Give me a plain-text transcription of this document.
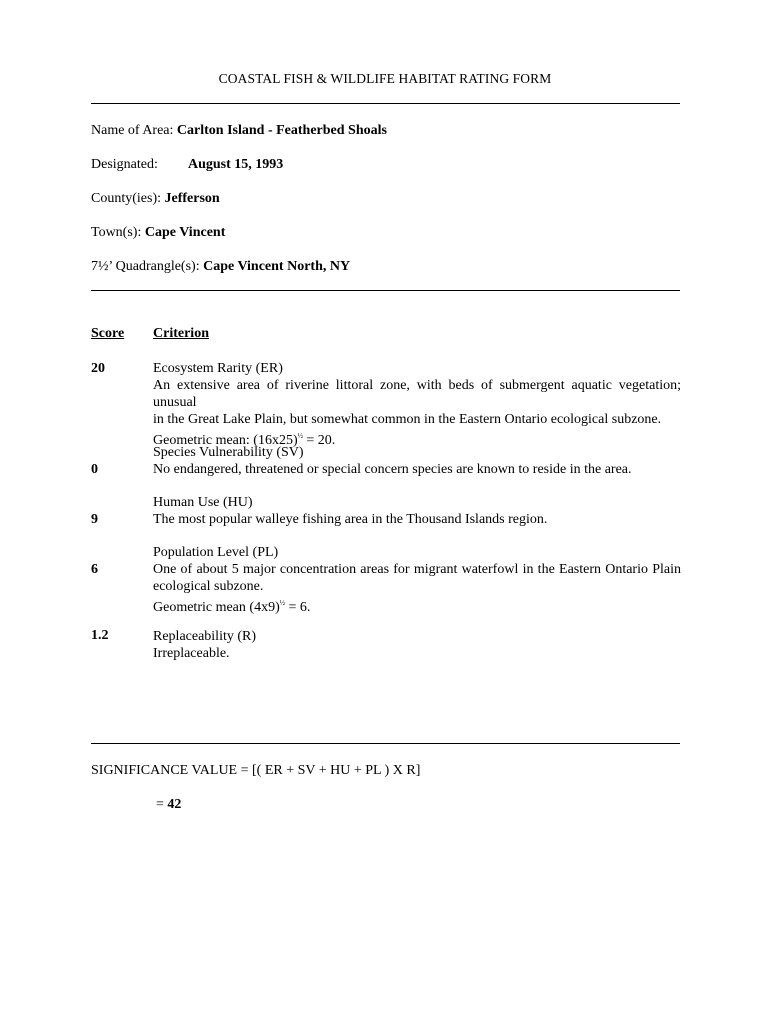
COASTAL FISH & WILDLIFE HABITAT RATING FORM
Name of Area: Carlton Island - Featherbed Shoals
Designated: August 15, 1993
County(ies): Jefferson
Town(s): Cape Vincent
7½’ Quadrangle(s): Cape Vincent North, NY
Score Criterion
20	Ecosystem Rarity (ER)
An extensive area of riverine littoral zone, with beds of submergent aquatic vegetation; unusual
in the Great Lake Plain, but somewhat common in the Eastern Ontario ecological subzone.
Geometric mean: $(16x25)^{\frac{1}{2}} = 20$.
0
Species Vulnerability (SV)
No endangered, threatened or special concern species are known to reside in the area.
9
Human Use (HU)
The most popular walleye fishing area in the Thousand Islands region.
6
Population Level (PL)
One of about 5 major concentration areas for migrant waterfowl in the Eastern Ontario Plain
ecological subzone.
Geometric mean $(4x9)^{\frac{1}{2}} = 6$.
1.2	Replaceability (R)
Irreplaceable.
SIGNIFICANCE VALUE = [( ER + SV + HU + PL ) X R]
= 42
